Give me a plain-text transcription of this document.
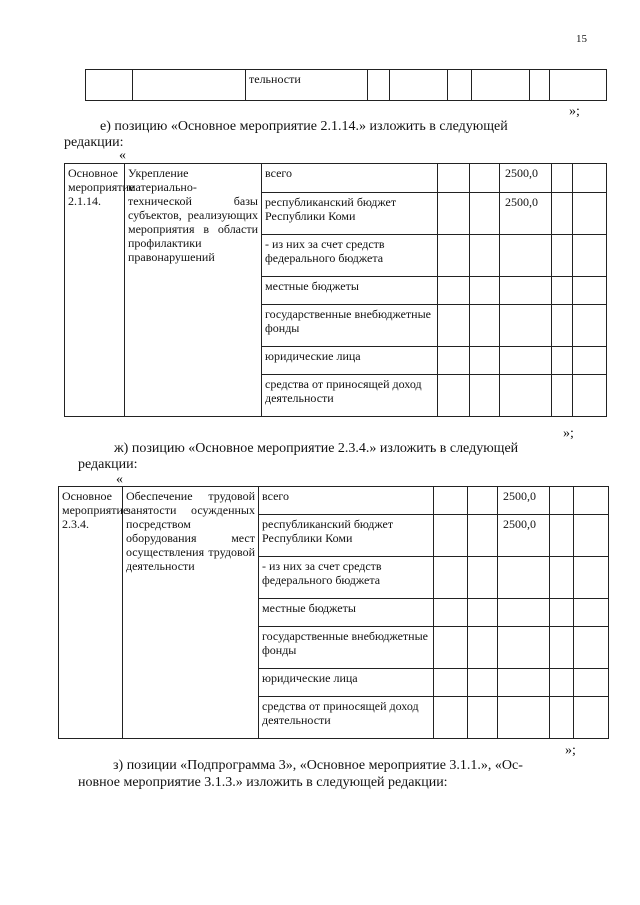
15
		тельности						
»;
е) позицию «Основное мероприятие 2.1.14.» изложить в следующей
редакции:
«
Основное мероприятие 2.1.14.	Укрепление материально-технической базы субъектов, реализующих мероприятия в области профилактики правонарушений	всего			2500,0		
		республиканский бюджет Республики Коми			2500,0		
		- из них за счет средств федерального бюджета					
		местные бюджеты					
		государственные внебюджетные фонды					
		юридические лица					
		средства от приносящей доход деятельности					
»;
ж) позицию «Основное мероприятие 2.3.4.» изложить в следующей
редакции:
«
Основное мероприятие 2.3.4.	Обеспечение трудовой занятости осужденных посредством оборудования мест осуществления трудовой деятельности	всего			2500,0		
		республиканский бюджет Республики Коми			2500,0		
		- из них за счет средств федерального бюджета					
		местные бюджеты					
		государственные внебюджетные фонды					
		юридические лица					
		средства от приносящей доход деятельности					
»;
з) позиции «Подпрограмма 3», «Основное мероприятие 3.1.1.», «Ос-
новное мероприятие 3.1.3.» изложить в следующей редакции:
